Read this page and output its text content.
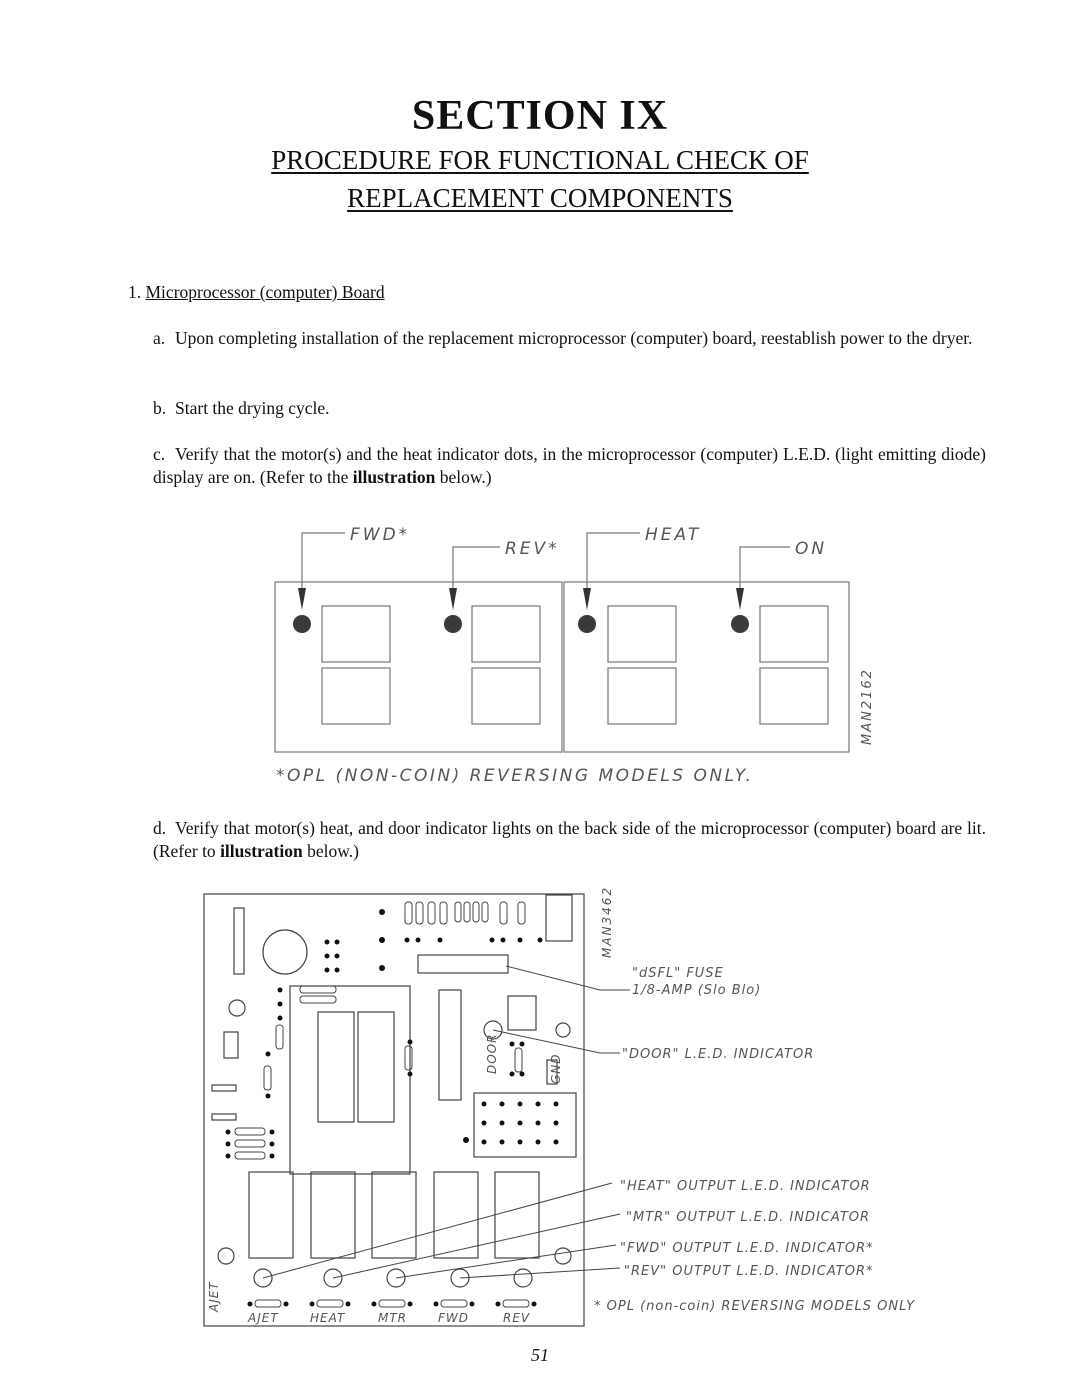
SECTION IX
PROCEDURE FOR FUNCTIONAL CHECK OF
REPLACEMENT COMPONENTS
1. Microprocessor (computer) Board
a. Upon completing installation of the replacement microprocessor (computer) board, reestablish power to the dryer.
b. Start the drying cycle.
c. Verify that the motor(s) and the heat indicator dots, in the microprocessor (computer) L.E.D. (light emitting diode) display are on. (Refer to the illustration below.)
FWD*
REV*
HEAT
ON
MAN2162
*OPL (NON-COIN) REVERSING MODELS ONLY.
d. Verify that motor(s) heat, and door indicator lights on the back side of the microprocessor (computer) board are lit. (Refer to illustration below.)
MAN3462
"dSFL" FUSE
1/8-AMP (Slo Blo)
"DOOR" L.E.D. INDICATOR
DOOR	GND
AJET
"HEAT" OUTPUT L.E.D. INDICATOR
"MTR" OUTPUT L.E.D. INDICATOR
"FWD" OUTPUT L.E.D. INDICATOR*
"REV" OUTPUT L.E.D. INDICATOR*
* OPL (non-coin) REVERSING MODELS ONLY
AJET	HEAT	MTR	FWD	REV
51
